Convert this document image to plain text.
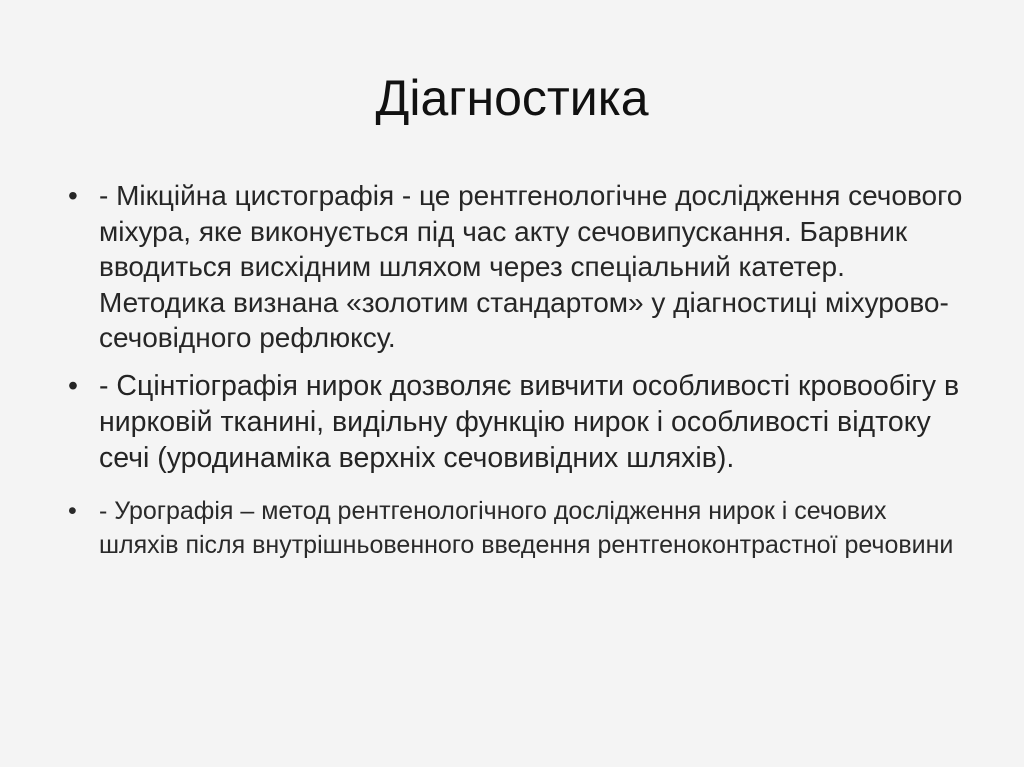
Діагностика
• - Мікційна цистографія - це рентгенологічне дослідження сечового міхура, яке виконується під час акту сечовипускання. Барвник вводиться висхідним шляхом через спеціальний катетер. Методика визнана «золотим стандартом» у діагностиці міхурово-сечовідного рефлюксу.
• - Сцінтіографія нирок дозволяє вивчити особливості кровообігу в нирковій тканині, видільну функцію нирок і особливості відтоку сечі (уродинаміка верхніх сечовивідних шляхів).
• - Урографія – метод рентгенологічного дослідження нирок і сечових шляхів після внутрішньовенного введення рентгеноконтрастної речовини
